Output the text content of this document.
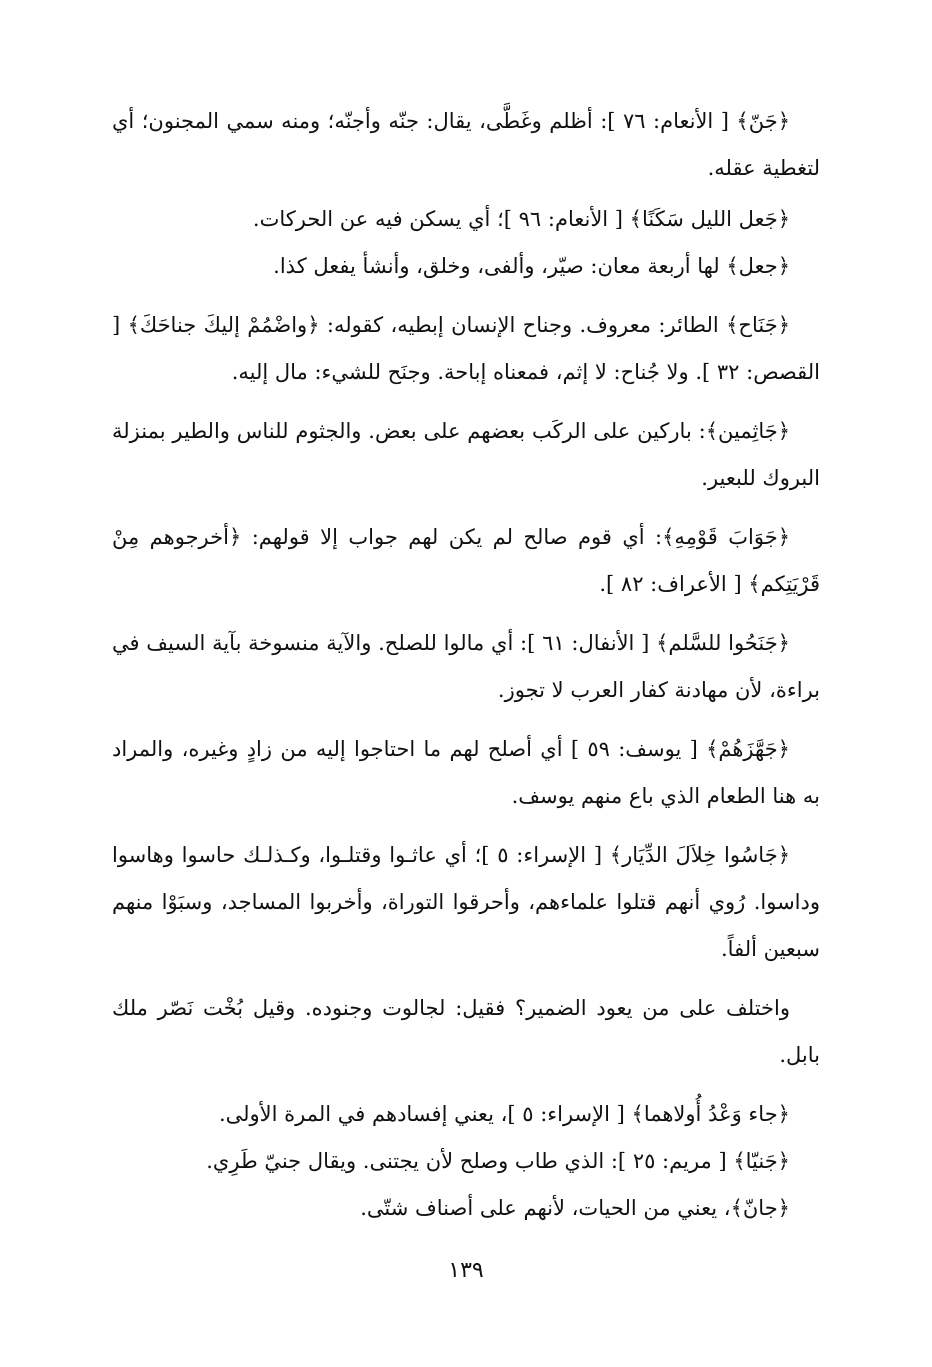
﴿جَنّ﴾ [ الأنعام: ٧٦ ]: أظلم وغَطَّى، يقال: جنّه وأجنّه؛ ومنه سمي المجنون؛ أي لتغطية عقله.

﴿جَعل الليل سَكَنًا﴾ [ الأنعام: ٩٦ ]؛ أي يسكن فيه عن الحركات.

﴿جعل﴾ لها أربعة معان: صيّر، وألفى، وخلق، وأنشأ يفعل كذا.

﴿جَنَاح﴾ الطائر: معروف. وجناح الإنسان إبطيه، كقوله: ﴿واضْمُمْ إليكَ جناحَكَ﴾ [ القصص: ٣٢ ]. ولا جُناح: لا إثم، فمعناه إباحة. وجنَح للشيء: مال إليه.

﴿جَاثِمين﴾: باركين على الركَب بعضهم على بعض. والجثوم للناس والطير بمنزلة البروك للبعير.

﴿جَوَابَ قَوْمِهِ﴾: أي قوم صالح لم يكن لهم جواب إلا قولهم: ﴿أخرجوهم مِنْ قَرْيَتِكم﴾ [ الأعراف: ٨٢ ].

﴿جَنَحُوا للسَّلم﴾ [ الأنفال: ٦١ ]: أي مالوا للصلح. والآية منسوخة بآية السيف في براءة، لأن مهادنة كفار العرب لا تجوز.

﴿جَهَّزَهُمْ﴾ [ يوسف: ٥٩ ] أي أصلح لهم ما احتاجوا إليه من زادٍ وغيره، والمراد به هنا الطعام الذي باع منهم يوسف.

﴿جَاسُوا خِلاَلَ الدِّيَار﴾ [ الإسراء: ٥ ]؛ أي عاثـوا وقتلـوا، وكـذلـك حاسوا وهاسوا وداسوا. رُوي أنهم قتلوا علماءهم، وأحرقوا التوراة، وأخربوا المساجد، وسبَوْا منهم سبعين ألفاً.

واختلف على من يعود الضمير؟ فقيل: لجالوت وجنوده. وقيل بُخْت نَصّر ملك بابل.

﴿جاء وَعْدُ أُولاهما﴾ [ الإسراء: ٥ ]، يعني إفسادهم في المرة الأولى.

﴿جَنيّا﴾ [ مريم: ٢٥ ]: الذي طاب وصلح لأن يجتنى. ويقال جنيّ طَرِي.

﴿جانّ﴾، يعني من الحيات، لأنهم على أصناف شتّى.

١٣٩
